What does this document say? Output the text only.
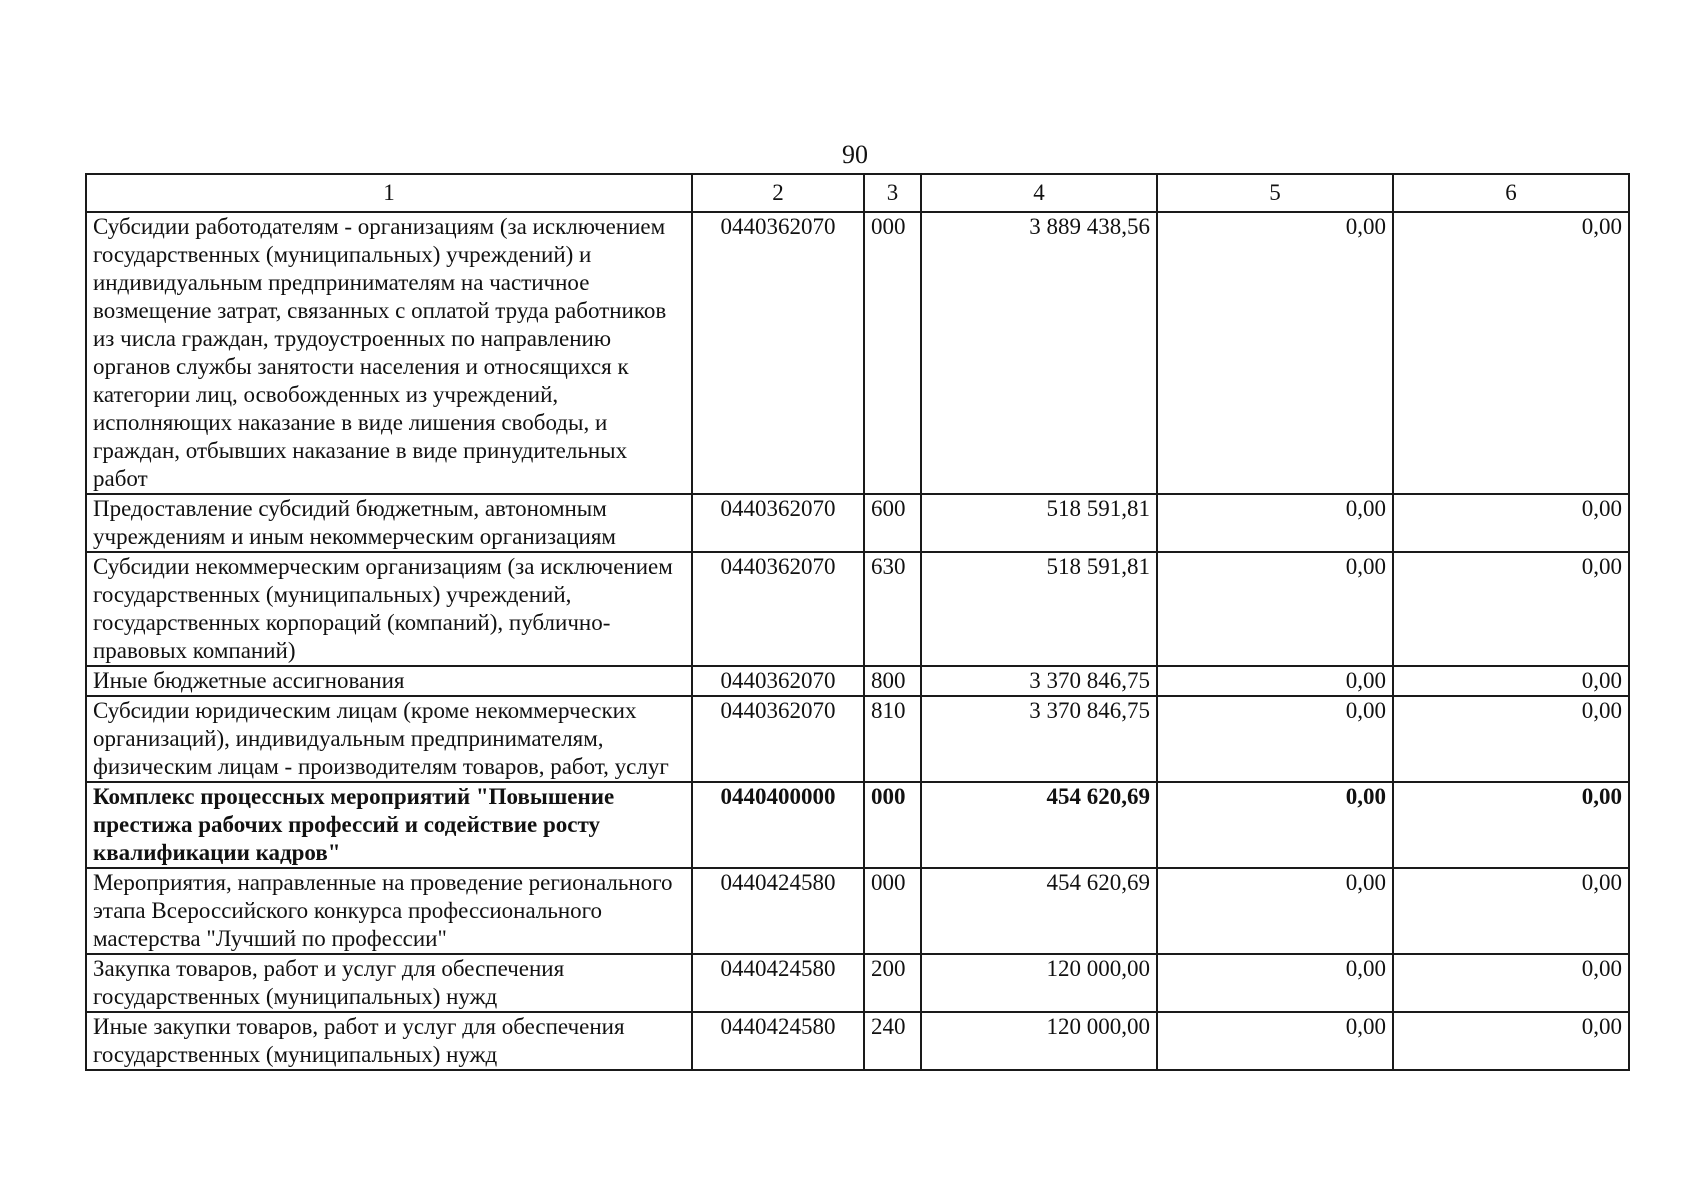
90
1	2	3	4	5	6
Субсидии работодателям - организациям (за исключением государственных (муниципальных) учреждений) и индивидуальным предпринимателям на частичное возмещение затрат, связанных с оплатой труда работников из числа граждан, трудоустроенных по направлению органов службы занятости населения и относящихся к категории лиц, освобожденных из учреждений, исполняющих наказание в виде лишения свободы, и граждан, отбывших наказание в виде принудительных работ	0440362070	000	3 889 438,56	0,00	0,00
Предоставление субсидий бюджетным, автономным учреждениям и иным некоммерческим организациям	0440362070	600	518 591,81	0,00	0,00
Субсидии некоммерческим организациям (за исключением государственных (муниципальных) учреждений, государственных корпораций (компаний), публично-правовых компаний)	0440362070	630	518 591,81	0,00	0,00
Иные бюджетные ассигнования	0440362070	800	3 370 846,75	0,00	0,00
Субсидии юридическим лицам (кроме некоммерческих организаций), индивидуальным предпринимателям, физическим лицам - производителям товаров, работ, услуг	0440362070	810	3 370 846,75	0,00	0,00
Комплекс процессных мероприятий "Повышение престижа рабочих профессий и содействие росту квалификации кадров"	0440400000	000	454 620,69	0,00	0,00
Мероприятия, направленные на проведение регионального этапа Всероссийского конкурса профессионального мастерства "Лучший по профессии"	0440424580	000	454 620,69	0,00	0,00
Закупка товаров, работ и услуг для обеспечения государственных (муниципальных) нужд	0440424580	200	120 000,00	0,00	0,00
Иные закупки товаров, работ и услуг для обеспечения государственных (муниципальных) нужд	0440424580	240	120 000,00	0,00	0,00
